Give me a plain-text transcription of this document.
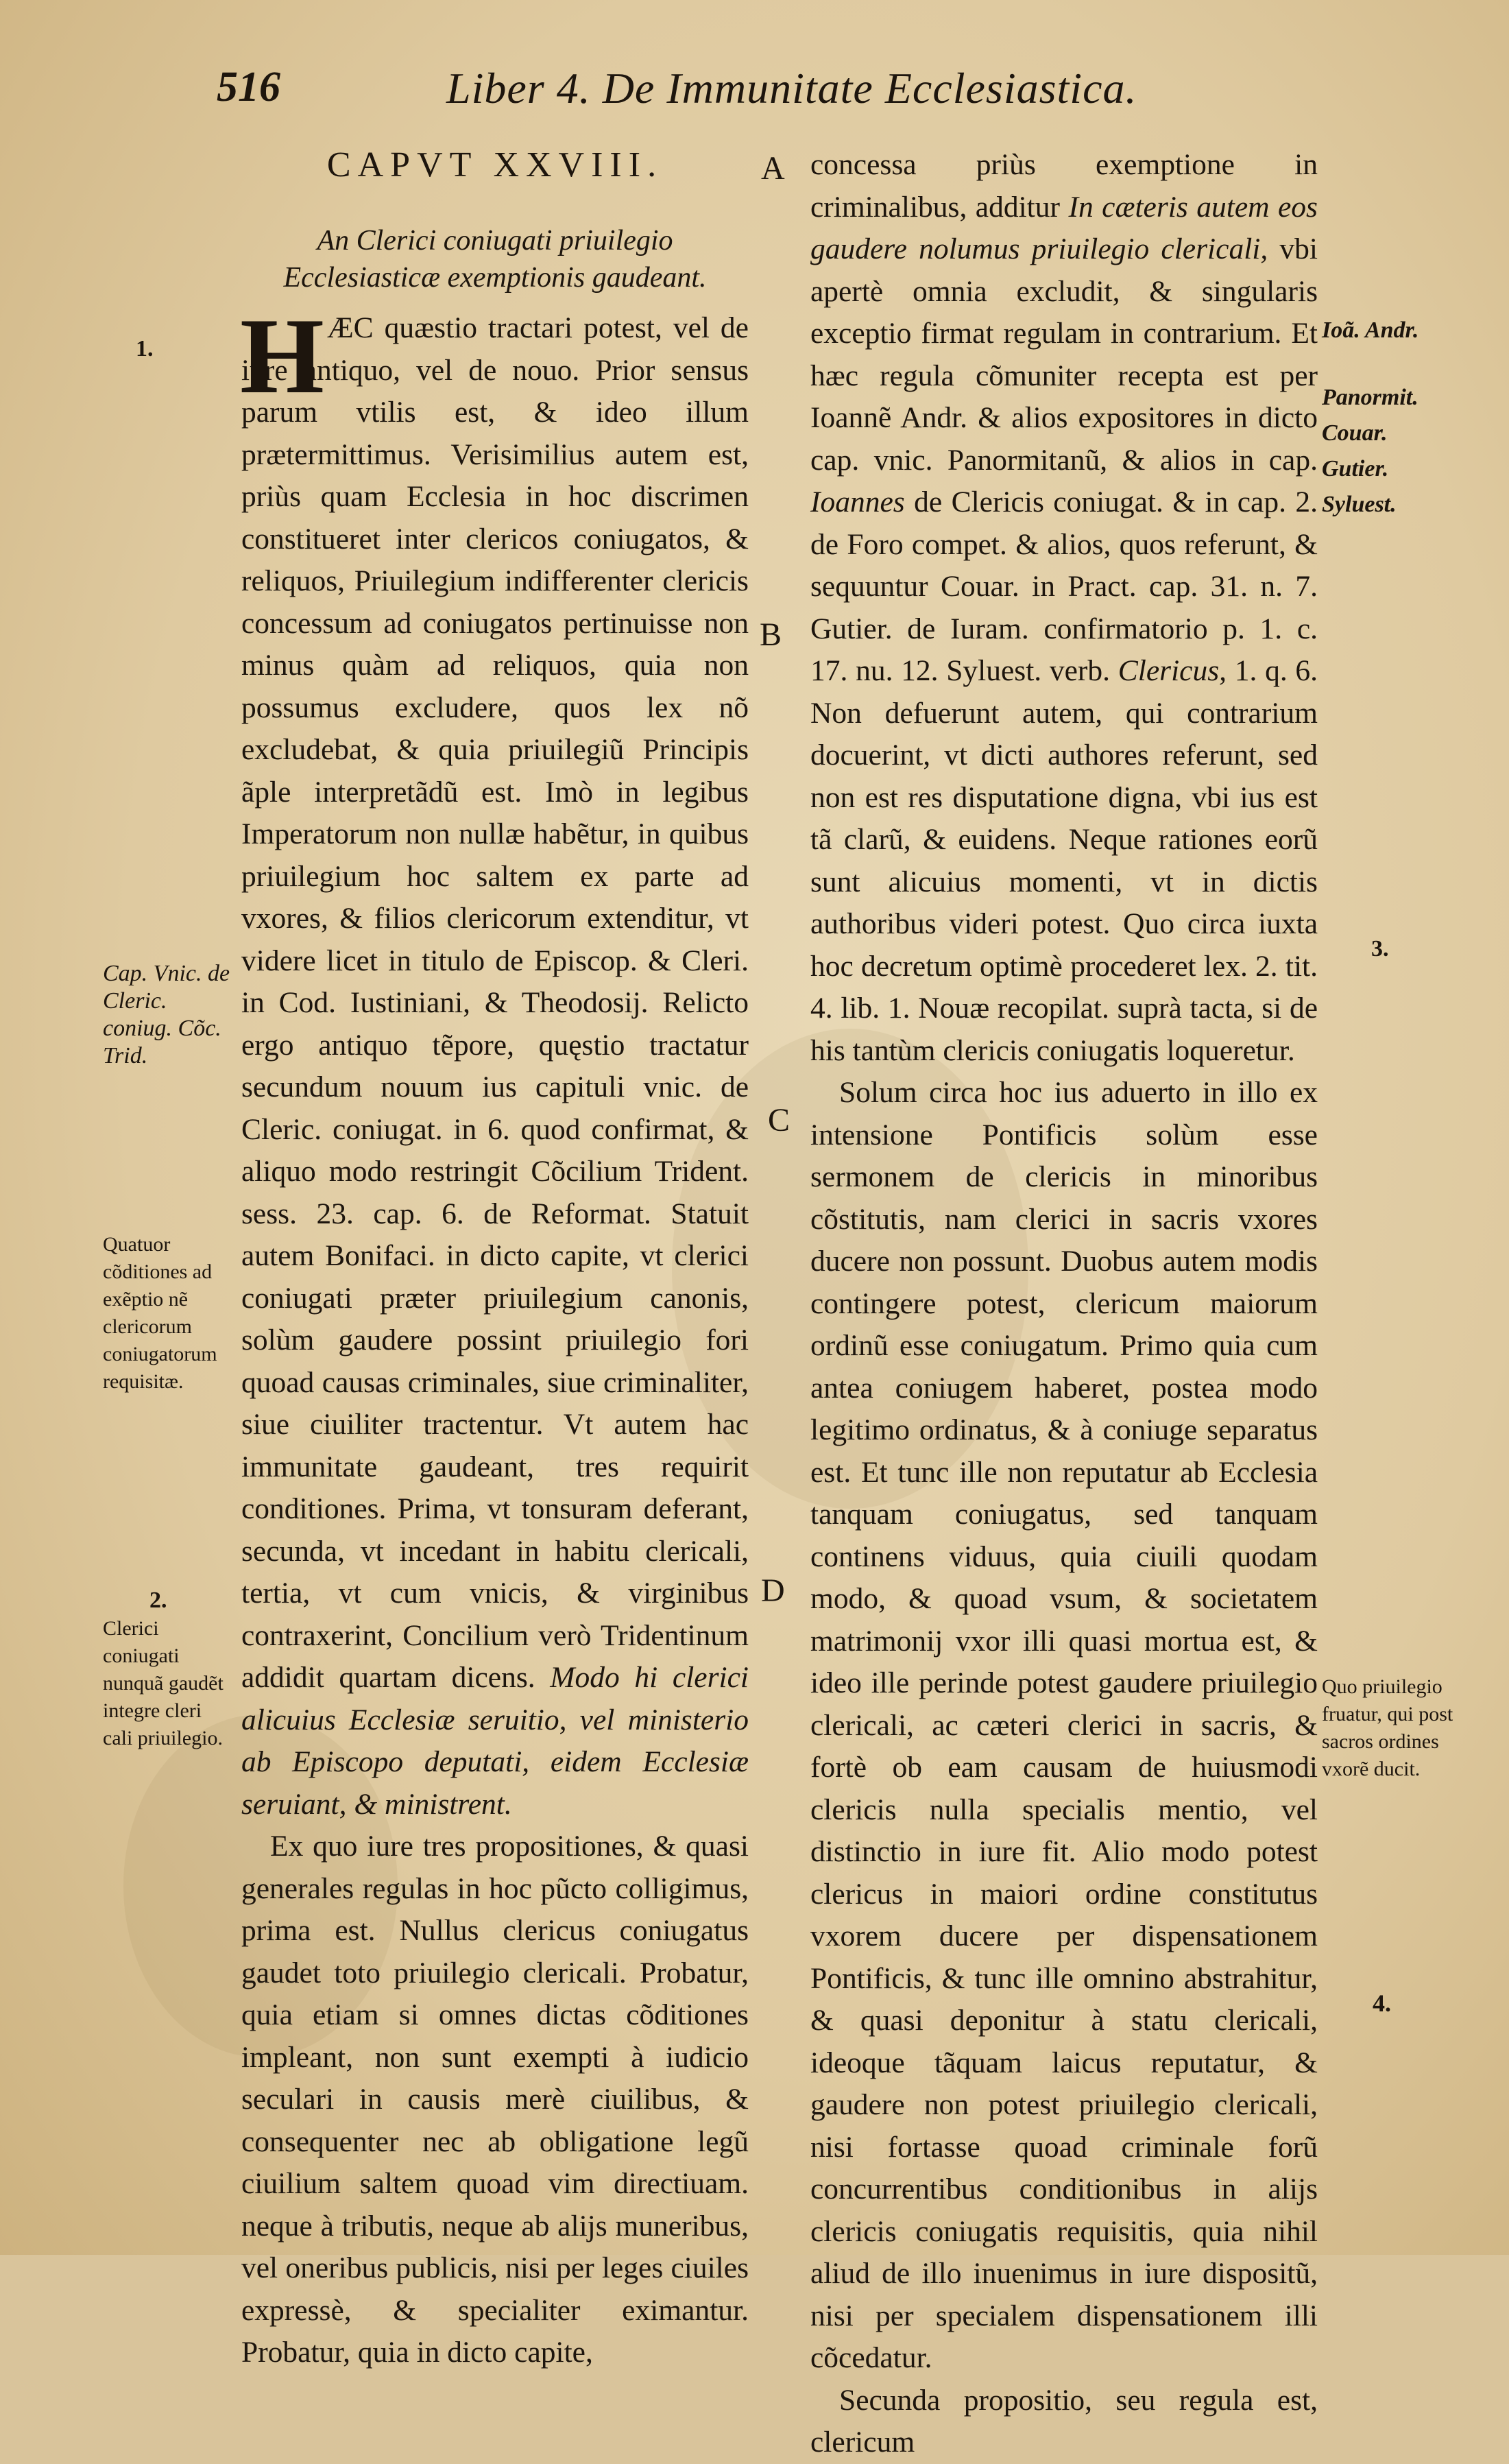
516	Liber 4. De Immunitate Ecclesiastica.
1.
Cap. Vnic. de Cleric. coniug. Cõc. Trid.
Quatuor cõditiones ad exẽptio nẽ clericorum coniugatorum requisitæ.
2.
Clerici coniugati nunquã gaudẽt integre cleri cali priuilegio.
A
B
C
D

CAPVT XXVIII.

An Clerici coniugati priuilegio Ecclesiasticæ exemptionis gaudeant.

H ÆC quæstio tractari potest, vel de iure antiquo, vel de nouo. Prior sensus parum vtilis est, & ideo illum prætermittimus. Verisimilius autem est, priùs quam Ecclesia in hoc discrimen constitueret inter clericos coniugatos, & reliquos, Priuilegium indifferenter clericis concessum ad coniugatos pertinuisse non minus quàm ad reliquos, quia non possumus excludere, quos lex nõ excludebat, & quia priuilegiũ Principis ãple interpretãdũ est. Imò in legibus Imperatorum non nullæ habẽtur, in quibus priuilegium hoc saltem ex parte ad vxores, & filios clericorum extenditur, vt videre licet in titulo de Episcop. & Cleri. in Cod. Iustiniani, & Theodosij. Relicto ergo antiquo tẽpore, quęstio tractatur secundum nouum ius capituli vnic. de Cleric. coniugat. in 6. quod confirmat, & aliquo modo restringit Cõcilium Trident. sess. 23. cap. 6. de Reformat. Statuit autem Bonifaci. in dicto capite, vt clerici coniugati præter priuilegium canonis, solùm gaudere possint priuilegio fori quoad causas criminales, siue criminaliter, siue ciuiliter tractentur. Vt autem hac immunitate gaudeant, tres requirit conditiones. Prima, vt tonsuram deferant, secunda, vt incedant in habitu clericali, tertia, vt cum vnicis, & virginibus contraxerint, Concilium verò Tridentinum addidit quartam dicens. Modo hi clerici alicuius Ecclesiæ seruitio, vel ministerio ab Episcopo deputati, eidem Ecclesiæ seruiant, & ministrent.

Ex quo iure tres propositiones, & quasi generales regulas in hoc pũcto colligimus, prima est. Nullus clericus coniugatus gaudet toto priuilegio clericali. Probatur, quia etiam si omnes dictas cõditiones impleant, non sunt exempti à iudicio seculari in causis merè ciuilibus, & consequenter nec ab obligatione legũ ciuilium saltem quoad vim directiuam. neque à tributis, neque ab alijs muneribus, vel oneribus publicis, nisi per leges ciuiles expressè, & specialiter eximantur. Probatur, quia in dicto capite,

concessa priùs exemptione in criminalibus, additur In cæteris autem eos gaudere nolumus priuilegio clericali, vbi apertè omnia excludit, & singularis exceptio firmat regulam in contrarium. Et hæc regula cõmuniter recepta est per Ioannẽ Andr. & alios expositores in dicto cap. vnic. Panormitanũ, & alios in cap. Ioannes de Clericis coniugat. & in cap. 2. de Foro compet. & alios, quos referunt, & sequuntur Couar. in Pract. cap. 31. n. 7. Gutier. de Iuram. confirmatorio p. 1. c. 17. nu. 12. Syluest. verb. Clericus, 1. q. 6. Non defuerunt autem, qui contrarium docuerint, vt dicti authores referunt, sed non est res disputatione digna, vbi ius est tã clarũ, & euidens. Neque rationes eorũ sunt alicuius momenti, vt in dictis authoribus videri potest. Quo circa iuxta hoc decretum optimè procederet lex. 2. tit. 4. lib. 1. Nouæ recopilat. suprà tacta, si de his tantùm clericis coniugatis loqueretur.

Solum circa hoc ius aduerto in illo ex intensione Pontificis solùm esse sermonem de clericis in minoribus cõstitutis, nam clerici in sacris vxores ducere non possunt. Duobus autem modis contingere potest, clericum maiorum ordinũ esse coniugatum. Primo quia cum antea coniugem haberet, postea modo legitimo ordinatus, & à coniuge separatus est. Et tunc ille non reputatur ab Ecclesia tanquam coniugatus, sed tanquam continens viduus, quia ciuili quodam modo, & quoad vsum, & societatem matrimonij vxor illi quasi mortua est, & ideo ille perinde potest gaudere priuilegio clericali, ac cæteri clerici in sacris, & fortè ob eam causam de huiusmodi clericis nulla specialis mentio, vel distinctio in iure fit. Alio modo potest clericus in maiori ordine constitutus vxorem ducere per dispensationem Pontificis, & tunc ille omnino abstrahitur, & quasi deponitur à statu clericali, ideoque tãquam laicus reputatur, & gaudere non potest priuilegio clericali, nisi fortasse quoad criminale forũ concurrentibus conditionibus in alijs clericis coniugatis requisitis, quia nihil aliud de illo inuenimus in iure dispositũ, nisi per specialem dispensationem illi cõcedatur.

Secunda propositio, seu regula est, clericum

Ioã. Andr.
Panormit.
Couar.
Gutier.
Syluest.
3.
Quo priuilegio fruatur, qui post sacros ordines vxorẽ ducit.
4.
